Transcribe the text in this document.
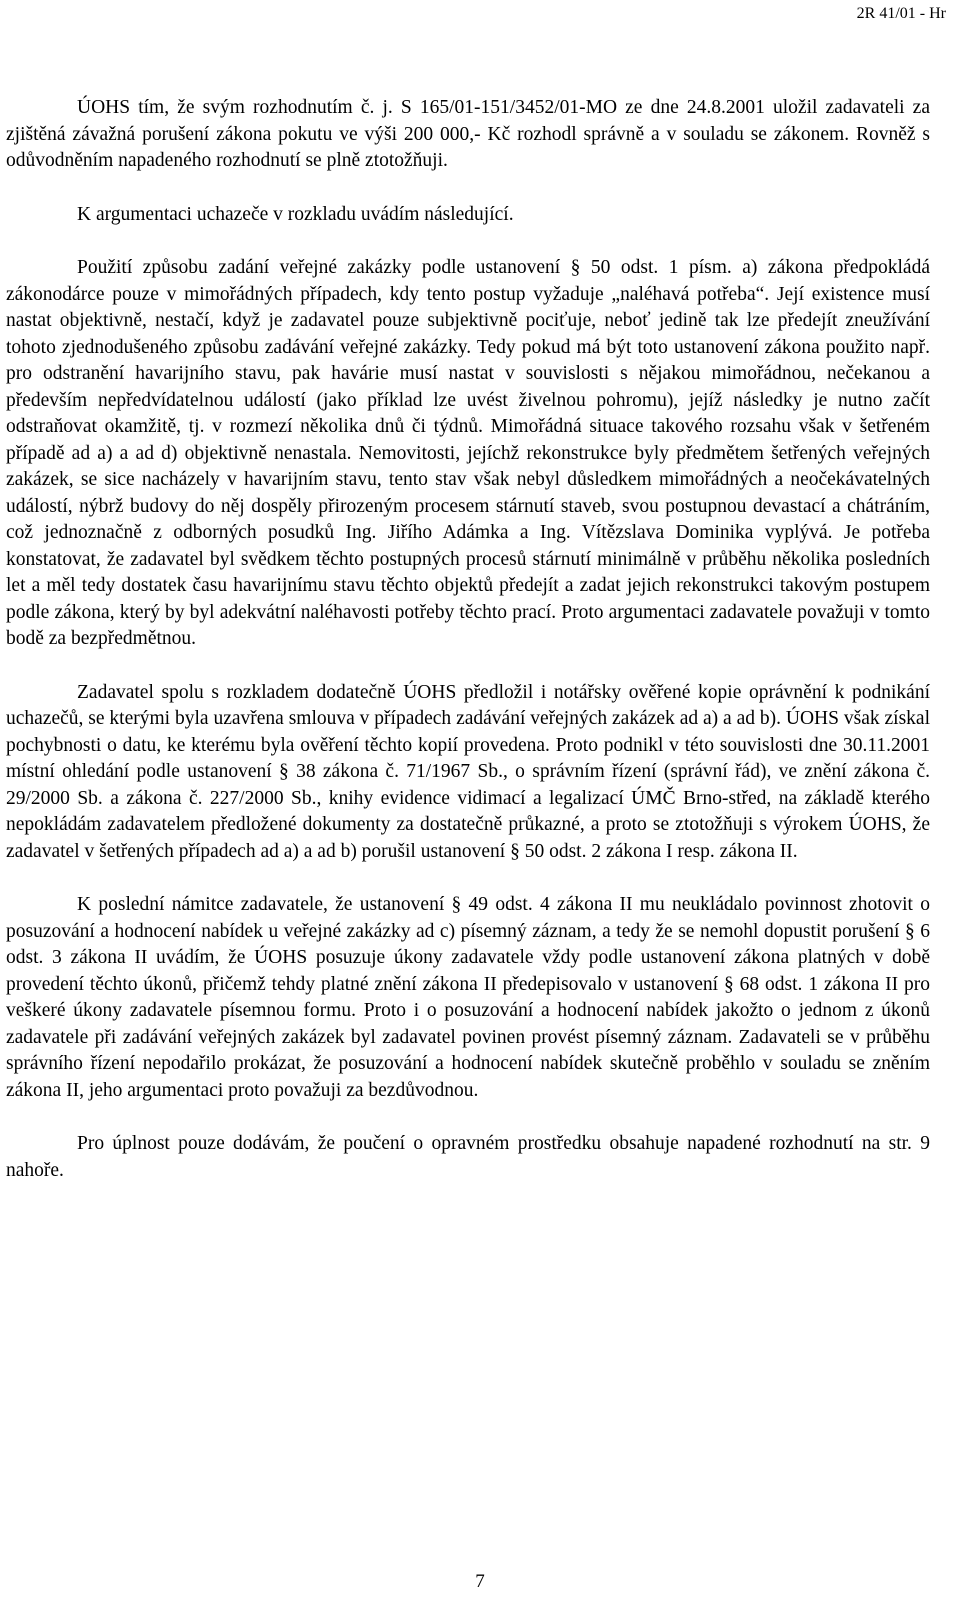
2R 41/01 - Hr

ÚOHS tím, že svým rozhodnutím č. j. S 165/01-151/3452/01-MO ze dne 24.8.2001 uložil zadavateli za zjištěná závažná porušení zákona pokutu ve výši 200 000,- Kč rozhodl správně a v souladu se zákonem. Rovněž s odůvodněním napadeného rozhodnutí se plně ztotožňuji.

K argumentaci uchazeče v rozkladu uvádím následující.

Použití způsobu zadání veřejné zakázky podle ustanovení § 50 odst. 1 písm. a) zákona předpokládá zákonodárce pouze v mimořádných případech, kdy tento postup vyžaduje „naléhavá potřeba“. Její existence musí nastat objektivně, nestačí, když je zadavatel pouze subjektivně pociťuje, neboť jedině tak lze předejít zneužívání tohoto zjednodušeného způsobu zadávání veřejné zakázky. Tedy pokud má být toto ustanovení zákona použito např. pro odstranění havarijního stavu, pak havárie musí nastat v souvislosti s nějakou mimořádnou, nečekanou a především nepředvídatelnou událostí (jako příklad lze uvést živelnou pohromu), jejíž následky je nutno začít odstraňovat okamžitě, tj. v rozmezí několika dnů či týdnů. Mimořádná situace takového rozsahu však v šetřeném případě ad a) a ad d) objektivně nenastala. Nemovitosti, jejíchž rekonstrukce byly předmětem šetřených veřejných zakázek, se sice nacházely v havarijním stavu, tento stav však nebyl důsledkem mimořádných a neočekávatelných událostí, nýbrž budovy do něj dospěly přirozeným procesem stárnutí staveb, svou postupnou devastací a chátráním, což jednoznačně z odborných posudků Ing. Jiřího Adámka a Ing. Vítězslava Dominika vyplývá. Je potřeba konstatovat, že zadavatel byl svědkem těchto postupných procesů stárnutí minimálně v průběhu několika posledních let a měl tedy dostatek času havarijnímu stavu těchto objektů předejít a zadat jejich rekonstrukci takovým postupem podle zákona, který by byl adekvátní naléhavosti potřeby těchto prací. Proto argumentaci zadavatele považuji v tomto bodě za bezpředmětnou.

Zadavatel spolu s rozkladem dodatečně ÚOHS předložil i notářsky ověřené kopie oprávnění k podnikání uchazečů, se kterými byla uzavřena smlouva v případech zadávání veřejných zakázek ad a) a ad b). ÚOHS však získal pochybnosti o datu, ke kterému byla ověření těchto kopií provedena. Proto podnikl v této souvislosti dne 30.11.2001 místní ohledání podle ustanovení § 38 zákona č. 71/1967 Sb., o správním řízení (správní řád), ve znění zákona č. 29/2000 Sb. a zákona č. 227/2000 Sb., knihy evidence vidimací a legalizací ÚMČ Brno-střed, na základě kterého nepokládám zadavatelem předložené dokumenty za dostatečně průkazné, a proto se ztotožňuji s výrokem ÚOHS, že zadavatel v šetřených případech ad a) a ad b) porušil ustanovení § 50 odst. 2 zákona I resp. zákona II.

K poslední námitce zadavatele, že ustanovení § 49 odst. 4 zákona II mu neukládalo povinnost zhotovit o posuzování a hodnocení nabídek u veřejné zakázky ad c) písemný záznam, a tedy že se nemohl dopustit porušení § 6 odst. 3 zákona II uvádím, že ÚOHS posuzuje úkony zadavatele vždy podle ustanovení zákona platných v době provedení těchto úkonů, přičemž tehdy platné znění zákona II předepisovalo v ustanovení § 68 odst. 1 zákona II pro veškeré úkony zadavatele písemnou formu. Proto i o posuzování a hodnocení nabídek jakožto o jednom z úkonů zadavatele při zadávání veřejných zakázek byl zadavatel povinen provést písemný záznam. Zadavateli se v průběhu správního řízení nepodařilo prokázat, že posuzování a hodnocení nabídek skutečně proběhlo v souladu se zněním zákona II, jeho argumentaci proto považuji za bezdůvodnou.

Pro úplnost pouze dodávám, že poučení o opravném prostředku obsahuje napadené rozhodnutí na str. 9 nahoře.

7
